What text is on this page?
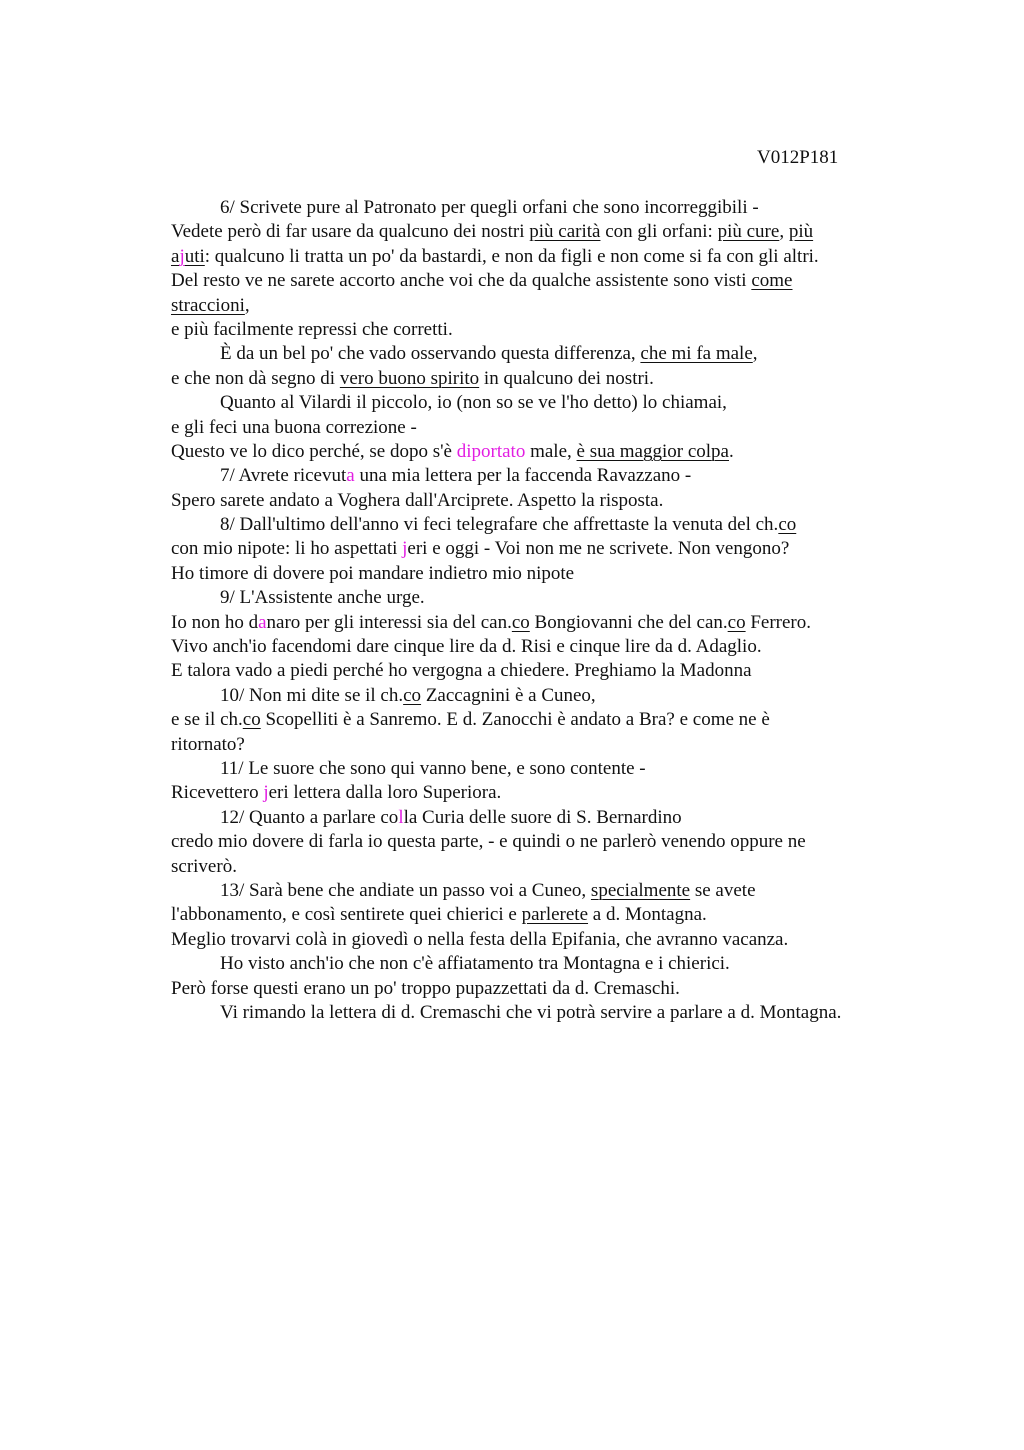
V012P181
6/ Scrivete pure al Patronato per quegli orfani che sono incorreggibili -
Vedete però di far usare da qualcuno dei nostri più carità con gli orfani: più cure, più
ajuti: qualcuno li tratta un po' da bastardi, e non da figli e non come si fa con gli altri.
Del resto ve ne sarete accorto anche voi che da qualche assistente sono visti come
straccioni,
e più facilmente repressi che corretti.
È da un bel po' che vado osservando questa differenza, che mi fa male,
e che non dà segno di vero buono spirito in qualcuno dei nostri.
Quanto al Vilardi il piccolo, io (non so se ve l'ho detto) lo chiamai,
e gli feci una buona correzione -
Questo ve lo dico perché, se dopo s'è diportato male, è sua maggior colpa.
7/ Avrete ricevuta una mia lettera per la faccenda Ravazzano -
Spero sarete andato a Voghera dall'Arciprete. Aspetto la risposta.
8/ Dall'ultimo dell'anno vi feci telegrafare che affrettaste la venuta del ch.co
con mio nipote: li ho aspettati jeri e oggi - Voi non me ne scrivete. Non vengono?
Ho timore di dovere poi mandare indietro mio nipote
9/ L'Assistente anche urge.
Io non ho danaro per gli interessi sia del can.co Bongiovanni che del can.co Ferrero.
Vivo anch'io facendomi dare cinque lire da d. Risi e cinque lire da d. Adaglio.
E talora vado a piedi perché ho vergogna a chiedere. Preghiamo la Madonna
10/ Non mi dite se il ch.co Zaccagnini è a Cuneo,
e se il ch.co Scopelliti è a Sanremo. E d. Zanocchi è andato a Bra? e come ne è
ritornato?
11/ Le suore che sono qui vanno bene, e sono contente -
Ricevettero jeri lettera dalla loro Superiora.
12/ Quanto a parlare colla Curia delle suore di S. Bernardino
credo mio dovere di farla io questa parte, - e quindi o ne parlerò venendo oppure ne
scriverò.
13/ Sarà bene che andiate un passo voi a Cuneo, specialmente se avete
l'abbonamento, e così sentirete quei chierici e parlerete a d. Montagna.
Meglio trovarvi colà in giovedì o nella festa della Epifania, che avranno vacanza.
Ho visto anch'io che non c'è affiatamento tra Montagna e i chierici.
Però forse questi erano un po' troppo pupazzettati da d. Cremaschi.
Vi rimando la lettera di d. Cremaschi che vi potrà servire a parlare a d. Montagna.
